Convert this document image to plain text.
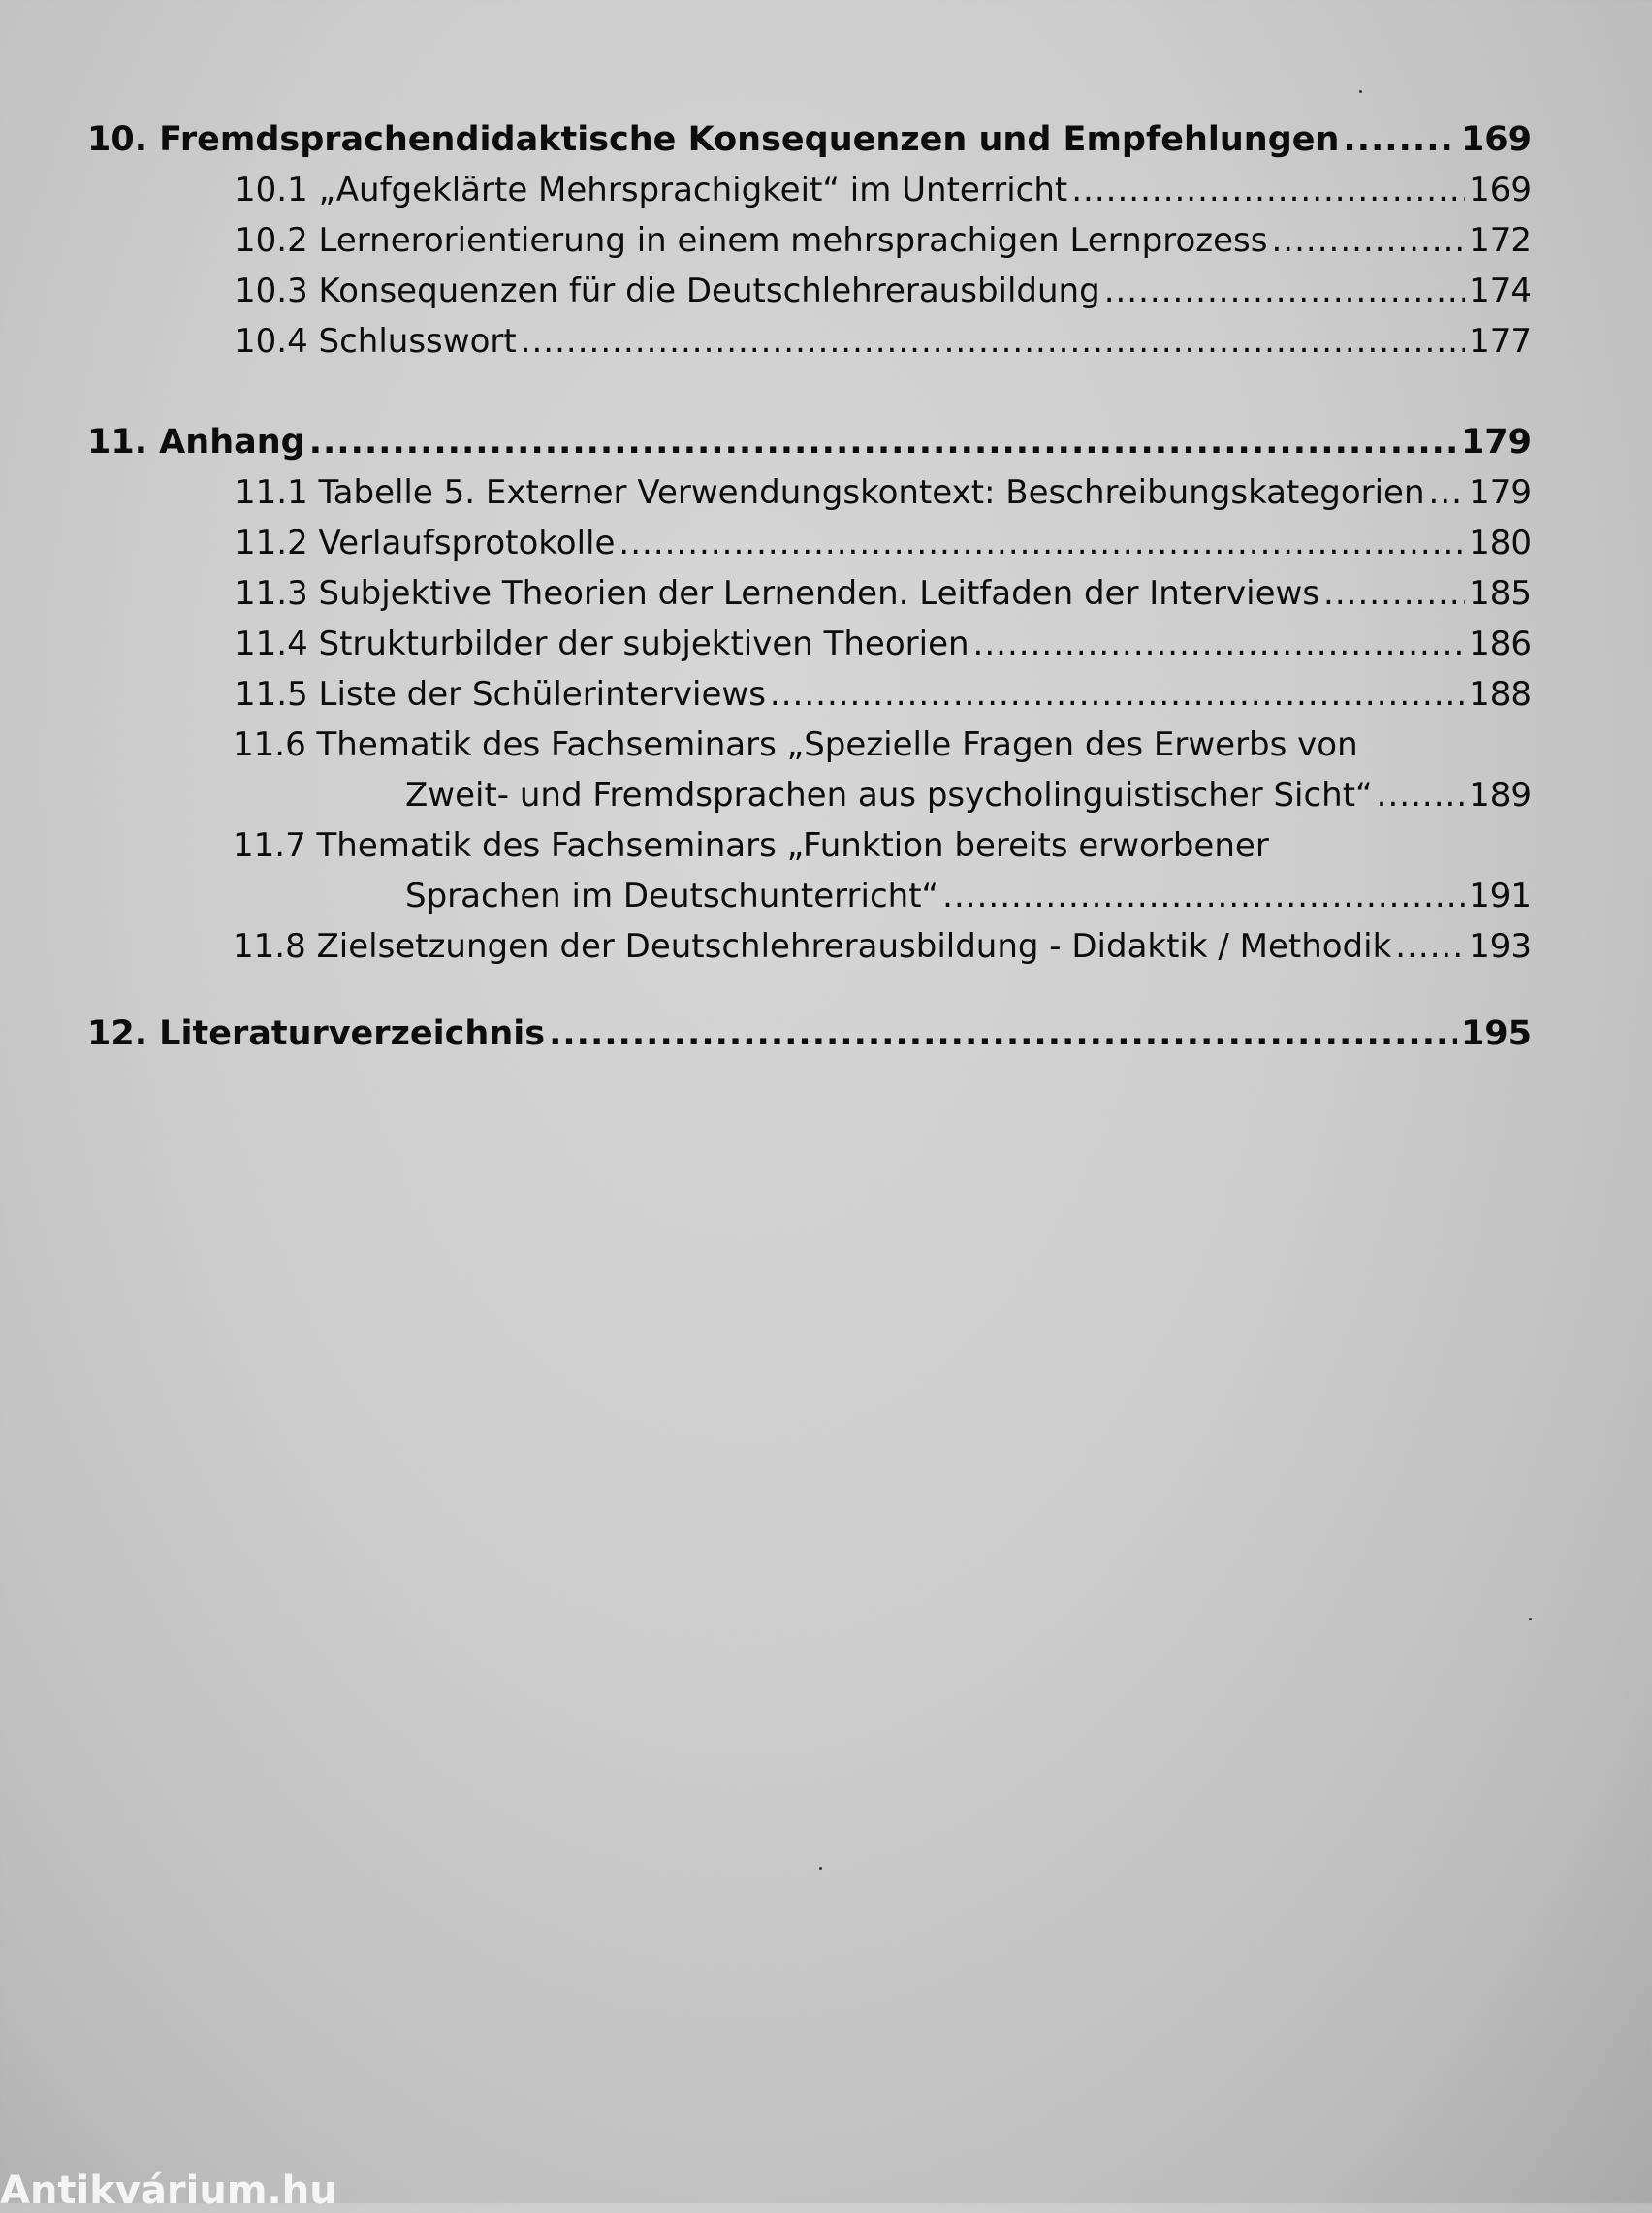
10. Fremdsprachendidaktische Konsequenzen und Empfehlungen .....	169
10.1 „Aufgeklärte Mehrsprachigkeit“ im Unterricht .....	169
10.2 Lernerorientierung in einem mehrsprachigen Lernprozess .....	172
10.3 Konsequenzen für die Deutschlehrerausbildung .....	174
10.4 Schlusswort .....	177
11. Anhang .....	179
11.1 Tabelle 5. Externer Verwendungskontext: Beschreibungskategorien ..... 179
11.2 Verlaufsprotokolle .....	180
11.3 Subjektive Theorien der Lernenden. Leitfaden der Interviews .....	185
11.4 Strukturbilder der subjektiven Theorien .....	186
11.5 Liste der Schülerinterviews .....	188
11.6 Thematik des Fachseminars „Spezielle Fragen des Erwerbs von
Zweit- und Fremdsprachen aus psycholinguistischer Sicht“ .....	189
11.7 Thematik des Fachseminars „Funktion bereits erworbener
Sprachen im Deutschunterricht“ .....	191
11.8 Zielsetzungen der Deutschlehrerausbildung - Didaktik / Methodik ..... 193
12. Literaturverzeichnis .....	195
Antikvárium.hu
